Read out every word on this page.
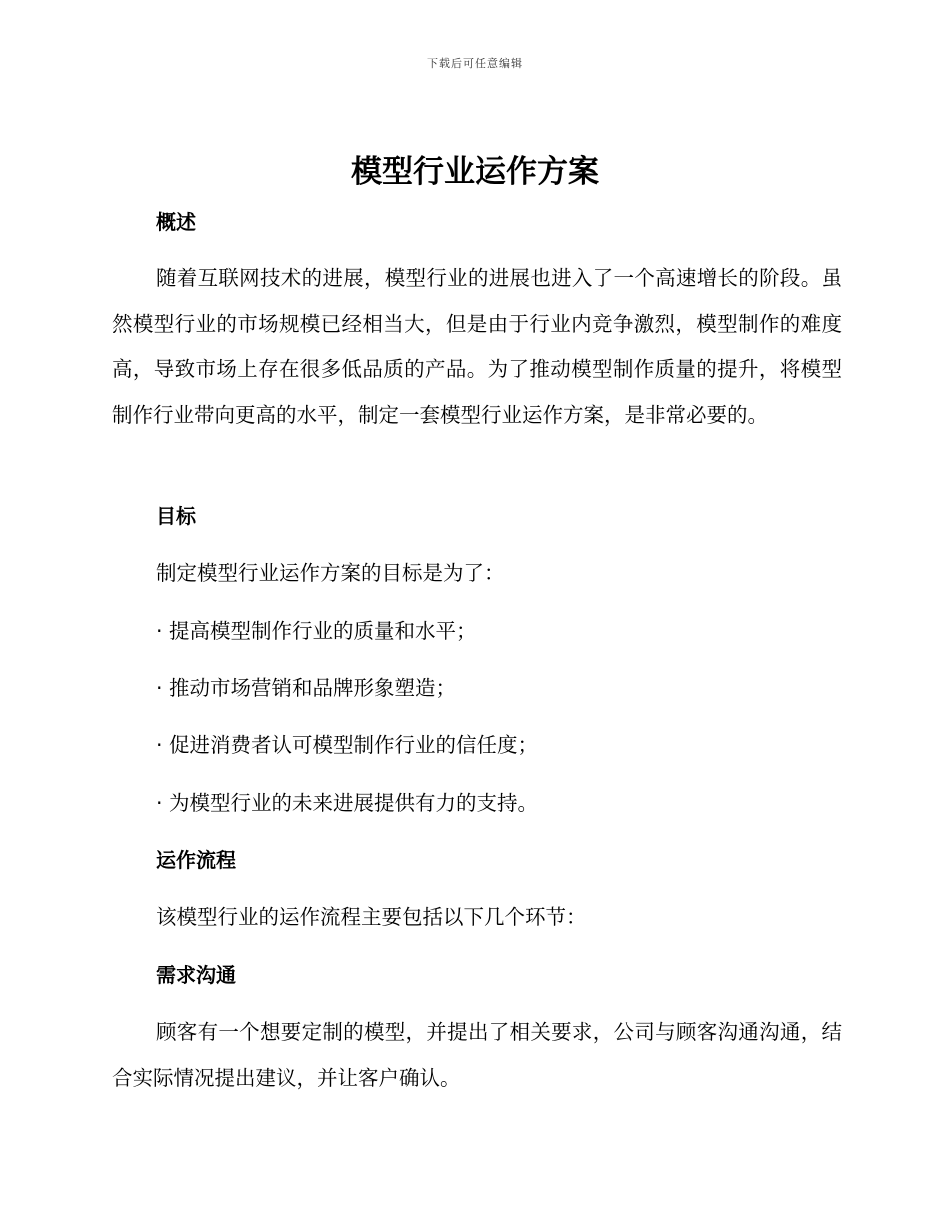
下载后可任意编辑
模型行业运作方案
概述

随着互联网技术的进展，模型行业的进展也进入了一个高速增长的阶段。虽然模型行业的市场规模已经相当大，但是由于行业内竞争激烈，模型制作的难度高，导致市场上存在很多低品质的产品。为了推动模型制作质量的提升，将模型制作行业带向更高的水平，制定一套模型行业运作方案，是非常必要的。

目标

制定模型行业运作方案的目标是为了：

· 提高模型制作行业的质量和水平；

· 推动市场营销和品牌形象塑造；

· 促进消费者认可模型制作行业的信任度；

· 为模型行业的未来进展提供有力的支持。

运作流程

该模型行业的运作流程主要包括以下几个环节：

需求沟通

顾客有一个想要定制的模型，并提出了相关要求，公司与顾客沟通沟通，结合实际情况提出建议，并让客户确认。
